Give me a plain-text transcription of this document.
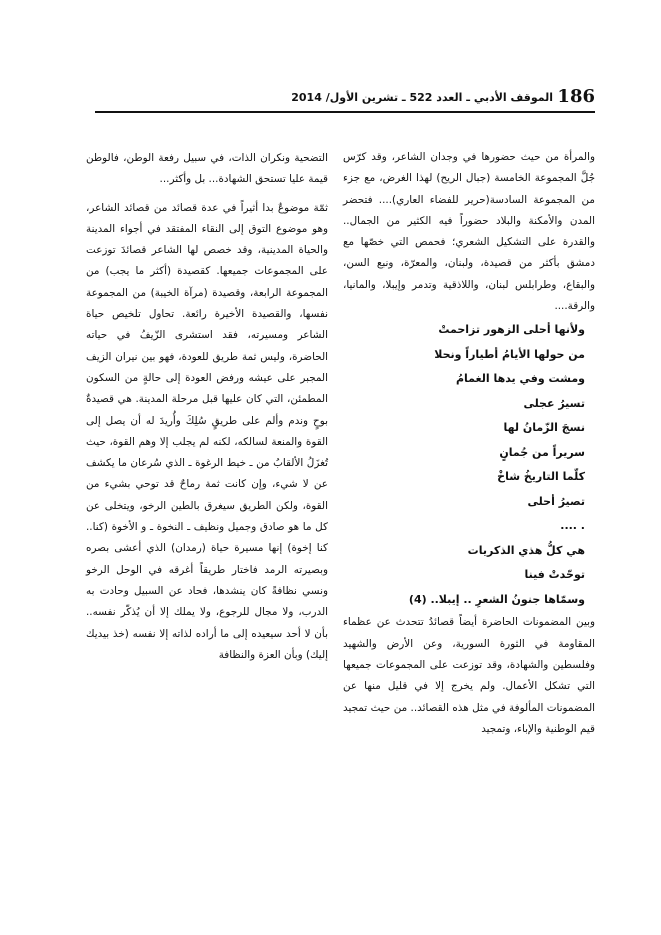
186
الموقف الأدبي ـ العدد 522 ـ تشرين الأول/ 2014

والمرأة من حيث حضورها في وجدان الشاعر، وقد كرّس جُلَّ المجموعة الخامسة (جبال الريح) لهذا الغرض، مع جزء من المجموعة السادسة(حرير للفضاء العاري).... فتحضر المدن والأمكنة والبلاد حضوراً فيه الكثير من الجمال.. والقدرة على التشكيل الشعري؛ فحمص التي خصّها مع دمشق بأكثر من قصيدة، ولبنان، والمعرّة، ونبع السن، والبقاع، وطرابلس لبنان، واللاذقية وتدمر وإيبلا، والمانيا، والرقة....

ولأنها أحلى الزهور تزاحمتْ
من حولها الأيامُ أطياراً ونحلا
ومشت وفي يدها الغمامُ
تسيرُ عجلى
نسجَ الزّمانُ لها
سريراً من جُمانٍ
كلّما التاريخُ شاخْ
تصيرُ أحلى
. ....
هي كلُّ هذي الذكريات
توحّدتْ فينا
وسمّاها جنونُ الشعرِ .. إيبلا.. (4)

وبين المضمونات الحاضرة أيضاً قصائدُ تتحدث عن عظماء المقاومة في الثورة السورية، وعن الأرض والشهيد وفلسطين والشهادة، وقد توزعت على المجموعات جميعها التي تشكل الأعمال. ولم يخرج إلا في قليل منها عن المضمونات المألوفة في مثل هذه القصائد.. من حيث تمجيد قيم الوطنية والإباء، وتمجيد

التضحية ونكران الذات، في سبيل رفعة الوطن، فالوطن قيمة عليا تستحق الشهادة... بل وأكثر...

ثمّة موضوعٌ بدا أثيراً في عدة قصائد من قصائد الشاعر، وهو موضوع التوق إلى النقاء المفتقد في أجواء المدينة والحياة المدينية، وقد خصص لها الشاعر قصائدَ توزعت على المجموعات جميعها. كقصيدة (أكثر ما يجب) من المجموعة الرابعة، وقصيدة (مرآة الخيبة) من المجموعة نفسها، والقصيدة الأخيرة رائعة. تحاول تلخيص حياة الشاعر ومسيرته، فقد استشرى الزّيفُ في حياته الحاضرة، وليس ثمة طريق للعودة، فهو بين نيران الزيف المجبر على عيشه ورفض العودة إلى حالةٍ من السكون المطمئن، التي كان عليها قبل مرحلة المدينة. هي قصيدةٌ بوحٍ وندم وألم على طريقٍ سُلِكَ وأُريدَ له أن يصل إلى القوة والمنعة لسالكه، لكنه لم يجلب إلا وهم القوة، حيث تُغزَلُ الألقابُ من ـ خيط الرغوة ـ الذي سُرعان ما يكشف عن لا شيء، وإن كانت ثمة رماحٌ قد توحي بشيء من القوة، ولكن الطريق سيغرق بالطين الرخو، ويتخلى عن كل ما هو صادق وجميل ونظيف ـ النخوة ـ و الأخوة (كنا.. كنا إخوة) إنها مسيرة حياة (رمدان) الذي أعشى بصره وبصيرته الرمد فاختار طريقاً أغرقه في الوحل الرخو ونسي نظافةً كان ينشدها، فحاد عن السبيل وحادت به الدرب، ولا مجال للرجوع، ولا يملك إلا أن يُذكّر نفسه.. بأن لا أحد سيعيده إلى ما أراده لذاته إلا نفسه (خذ بيديك إليك) وبأن العزة والنظافة
